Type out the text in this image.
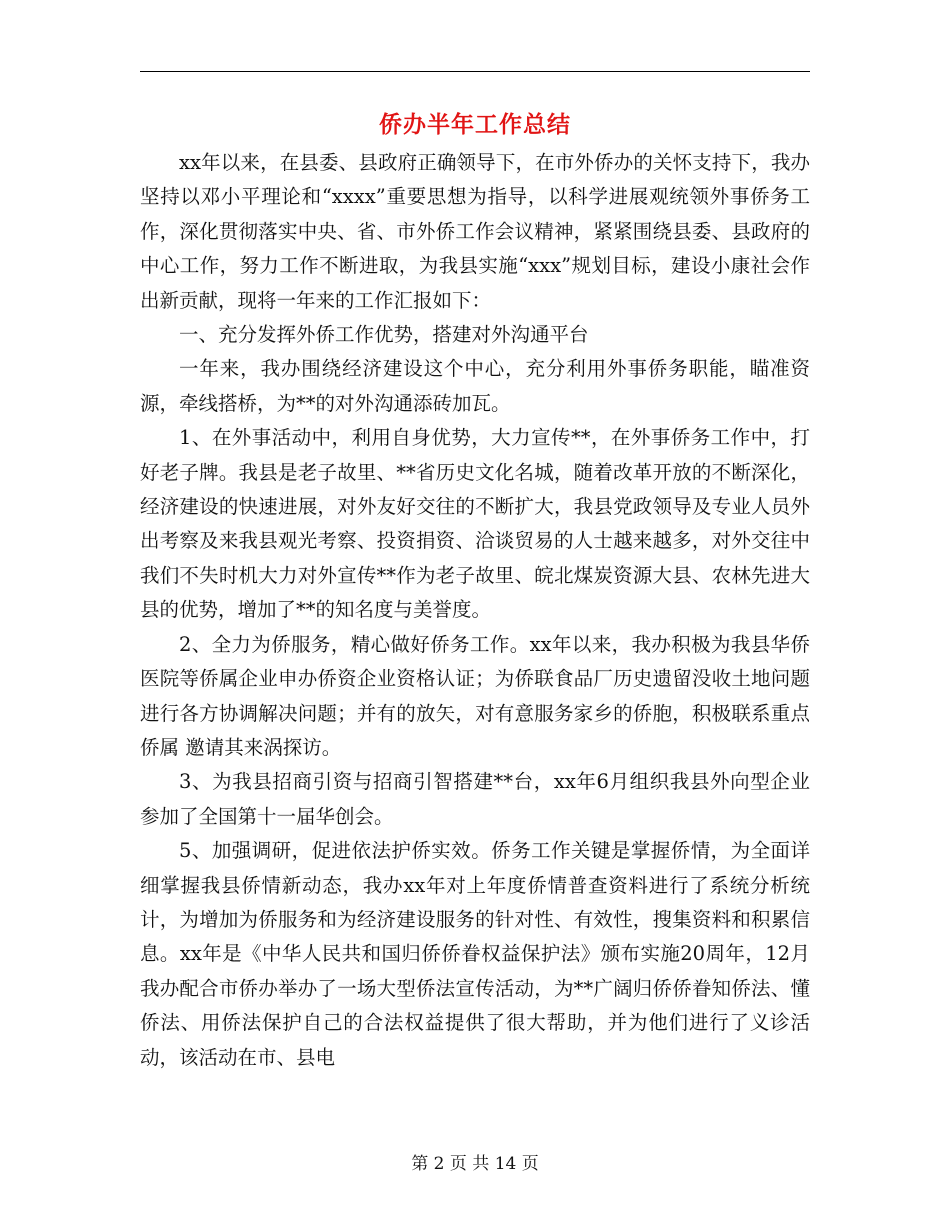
侨办半年工作总结

xx年以来，在县委、县政府正确领导下，在市外侨办的关怀支持下，我办坚持以邓小平理论和“xxxx”重要思想为指导，以科学进展观统领外事侨务工作，深化贯彻落实中央、省、市外侨工作会议精神，紧紧围绕县委、县政府的中心工作，努力工作不断进取，为我县实施“xxx”规划目标，建设小康社会作出新贡献，现将一年来的工作汇报如下：

一、充分发挥外侨工作优势，搭建对外沟通平台

一年来，我办围绕经济建设这个中心，充分利用外事侨务职能，瞄准资源，牵线搭桥，为**的对外沟通添砖加瓦。

1、在外事活动中，利用自身优势，大力宣传**，在外事侨务工作中，打好老子牌。我县是老子故里、**省历史文化名城，随着改革开放的不断深化，经济建设的快速进展，对外友好交往的不断扩大，我县党政领导及专业人员外出考察及来我县观光考察、投资捐资、洽谈贸易的人士越来越多，对外交往中我们不失时机大力对外宣传**作为老子故里、皖北煤炭资源大县、农林先进大县的优势，增加了**的知名度与美誉度。

2、全力为侨服务，精心做好侨务工作。xx年以来，我办积极为我县华侨医院等侨属企业申办侨资企业资格认证；为侨联食品厂历史遗留没收土地问题进行各方协调解决问题；并有的放矢，对有意服务家乡的侨胞，积极联系重点侨属 邀请其来涡探访。

3、为我县招商引资与招商引智搭建**台，xx年6月组织我县外向型企业参加了全国第十一届华创会。

5、加强调研，促进依法护侨实效。侨务工作关键是掌握侨情，为全面详细掌握我县侨情新动态，我办xx年对上年度侨情普查资料进行了系统分析统计，为增加为侨服务和为经济建设服务的针对性、有效性，搜集资料和积累信息。xx年是《中华人民共和国归侨侨眷权益保护法》颁布实施20周年，12月我办配合市侨办举办了一场大型侨法宣传活动，为**广阔归侨侨眷知侨法、懂侨法、用侨法保护自己的合法权益提供了很大帮助，并为他们进行了义诊活动，该活动在市、县电

第 2 页 共 14 页
